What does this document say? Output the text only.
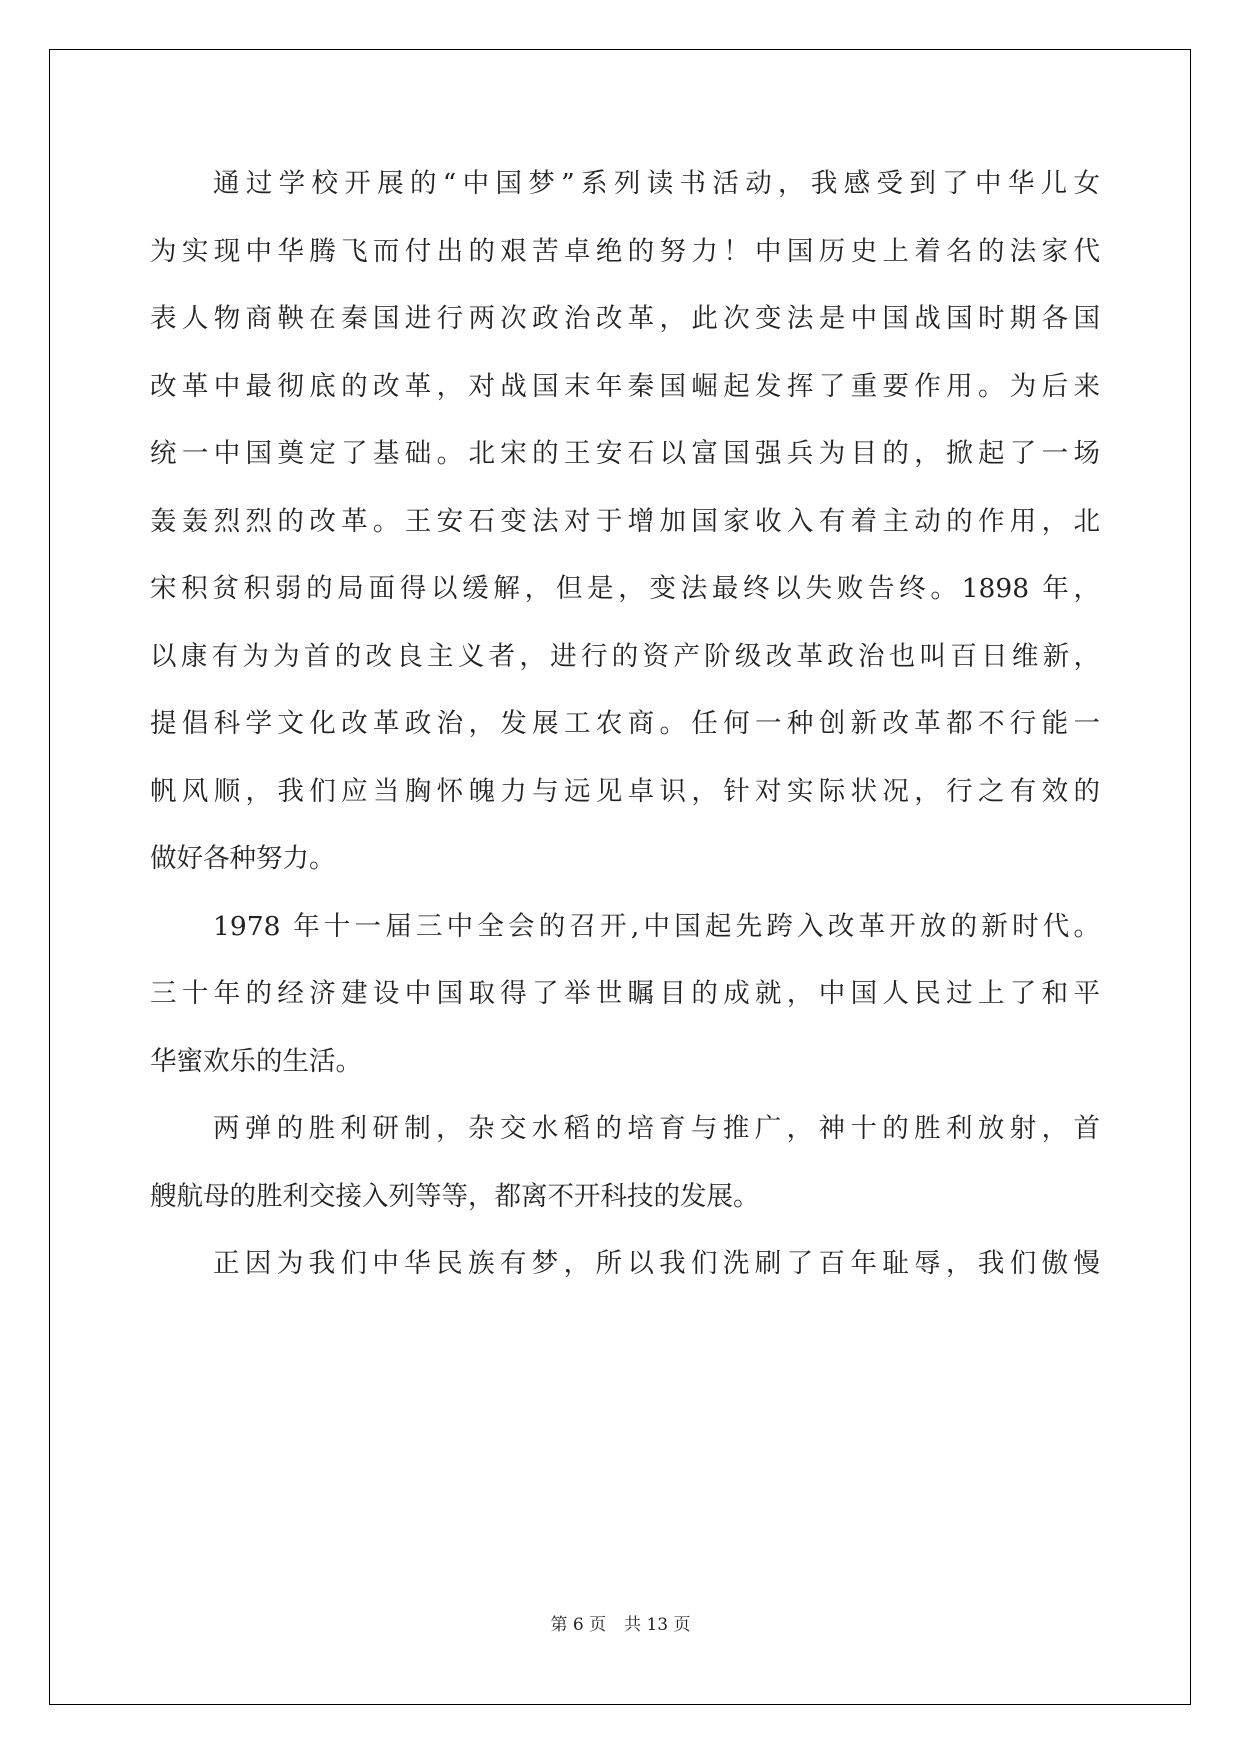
通过学校开展的“中国梦”系列读书活动，我感受到了中华儿女
为实现中华腾飞而付出的艰苦卓绝的努力！中国历史上着名的法家代
表人物商鞅在秦国进行两次政治改革，此次变法是中国战国时期各国
改革中最彻底的改革，对战国末年秦国崛起发挥了重要作用。为后来
统一中国奠定了基础。北宋的王安石以富国强兵为目的，掀起了一场
轰轰烈烈的改革。王安石变法对于增加国家收入有着主动的作用，北
宋积贫积弱的局面得以缓解，但是，变法最终以失败告终。1898 年，
以康有为为首的改良主义者，进行的资产阶级改革政治也叫百日维新，
提倡科学文化改革政治，发展工农商。任何一种创新改革都不行能一
帆风顺，我们应当胸怀魄力与远见卓识，针对实际状况，行之有效的
做好各种努力。
1978 年十一届三中全会的召开,中国起先跨入改革开放的新时代。
三十年的经济建设中国取得了举世瞩目的成就，中国人民过上了和平
华蜜欢乐的生活。
两弹的胜利研制，杂交水稻的培育与推广，神十的胜利放射，首
艘航母的胜利交接入列等等，都离不开科技的发展。
正因为我们中华民族有梦，所以我们洗刷了百年耻辱，我们傲慢
第 6 页 共 13 页
